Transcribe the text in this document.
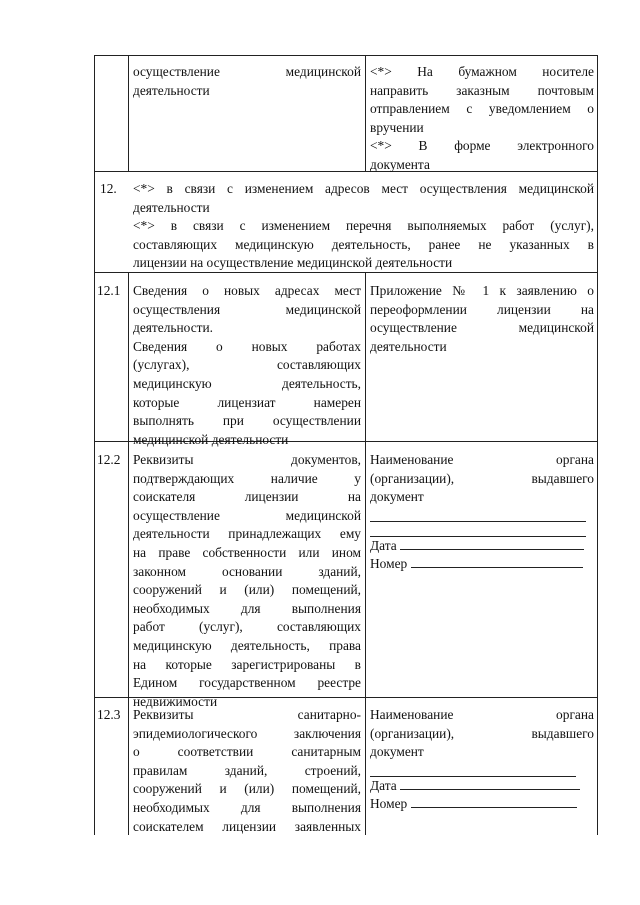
осуществление медицинской
деятельности
<*> На бумажном носителе
направить заказным почтовым
отправлением с уведомлением о
вручении
<*> В форме электронного
документа
12. <*> в связи с изменением адресов мест осуществления медицинской
деятельности
<*> в связи с изменением перечня выполняемых работ (услуг),
составляющих медицинскую деятельность, ранее не указанных в
лицензии на осуществление медицинской деятельности
12.1 Сведения о новых адресах мест
осуществления медицинской
деятельности.
Сведения о новых работах
(услугах), составляющих
медицинскую деятельность,
которые лицензиат намерен
выполнять при осуществлении
медицинской деятельности
Приложение № 1 к заявлению о
переоформлении лицензии на
осуществление медицинской
деятельности
12.2 Реквизиты документов,
подтверждающих наличие у
соискателя лицензии на
осуществление медицинской
деятельности принадлежащих ему
на праве собственности или ином
законном основании зданий,
сооружений и (или) помещений,
необходимых для выполнения
работ (услуг), составляющих
медицинскую деятельность, права
на которые зарегистрированы в
Едином государственном реестре
недвижимости
Наименование органа
(организации), выдавшего
документ
Дата
Номер
12.3 Реквизиты санитарно-
эпидемиологического заключения
о соответствии санитарным
правилам зданий, строений,
сооружений и (или) помещений,
необходимых для выполнения
соискателем лицензии заявленных
Наименование органа
(организации), выдавшего
документ
Дата
Номер
